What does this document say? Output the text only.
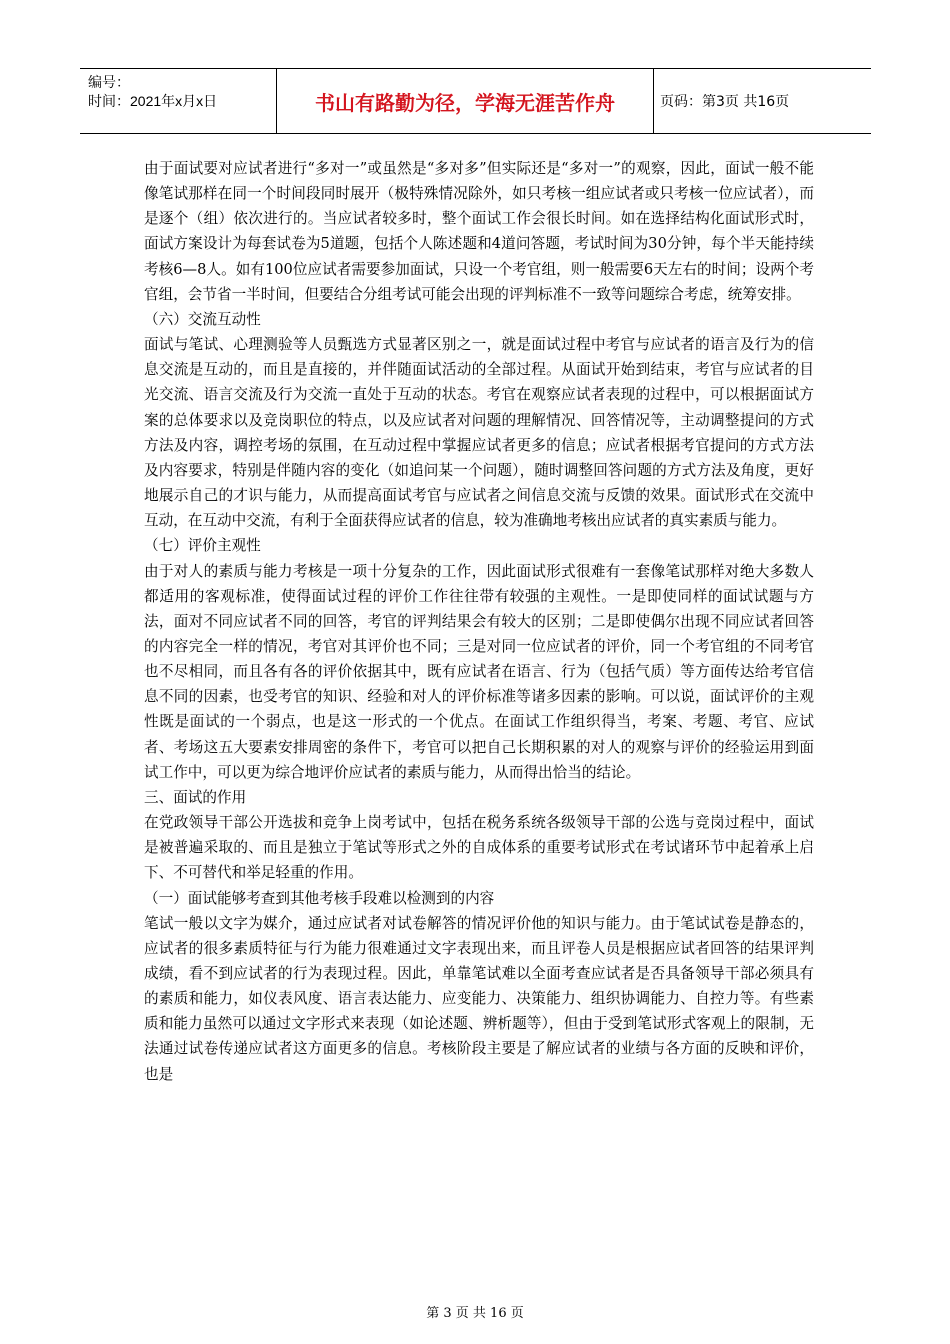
编号：
时间：2021年x月x日	书山有路勤为径，学海无涯苦作舟	页码：第3页 共16页

由于面试要对应试者进行“多对一”或虽然是“多对多”但实际还是“多对一”的观察，因此，面试一般不能像笔试那样在同一个时间段同时展开（极特殊情况除外，如只考核一组应试者或只考核一位应试者），而是逐个（组）依次进行的。当应试者较多时，整个面试工作会很长时间。如在选择结构化面试形式时，面试方案设计为每套试卷为5道题，包括个人陈述题和4道问答题，考试时间为30分钟，每个半天能持续考核6—8人。如有100位应试者需要参加面试，只设一个考官组，则一般需要6天左右的时间；设两个考官组，会节省一半时间，但要结合分组考试可能会出现的评判标准不一致等问题综合考虑，统筹安排。

（六）交流互动性

面试与笔试、心理测验等人员甄选方式显著区别之一，就是面试过程中考官与应试者的语言及行为的信息交流是互动的，而且是直接的，并伴随面试活动的全部过程。从面试开始到结束，考官与应试者的目光交流、语言交流及行为交流一直处于互动的状态。考官在观察应试者表现的过程中，可以根据面试方案的总体要求以及竞岗职位的特点，以及应试者对问题的理解情况、回答情况等，主动调整提问的方式方法及内容，调控考场的氛围，在互动过程中掌握应试者更多的信息；应试者根据考官提问的方式方法及内容要求，特别是伴随内容的变化（如追问某一个问题），随时调整回答问题的方式方法及角度，更好地展示自己的才识与能力，从而提高面试考官与应试者之间信息交流与反馈的效果。面试形式在交流中互动，在互动中交流，有利于全面获得应试者的信息，较为准确地考核出应试者的真实素质与能力。

（七）评价主观性

由于对人的素质与能力考核是一项十分复杂的工作，因此面试形式很难有一套像笔试那样对绝大多数人都适用的客观标准，使得面试过程的评价工作往往带有较强的主观性。一是即使同样的面试试题与方法，面对不同应试者不同的回答，考官的评判结果会有较大的区别；二是即使偶尔出现不同应试者回答的内容完全一样的情况，考官对其评价也不同；三是对同一位应试者的评价，同一个考官组的不同考官也不尽相同，而且各有各的评价依据其中，既有应试者在语言、行为（包括气质）等方面传达给考官信息不同的因素，也受考官的知识、经验和对人的评价标准等诸多因素的影响。可以说，面试评价的主观性既是面试的一个弱点，也是这一形式的一个优点。在面试工作组织得当，考案、考题、考官、应试者、考场这五大要素安排周密的条件下，考官可以把自己长期积累的对人的观察与评价的经验运用到面试工作中，可以更为综合地评价应试者的素质与能力，从而得出恰当的结论。

三、面试的作用

在党政领导干部公开选拔和竞争上岗考试中，包括在税务系统各级领导干部的公选与竞岗过程中，面试是被普遍采取的、而且是独立于笔试等形式之外的自成体系的重要考试形式在考试诸环节中起着承上启下、不可替代和举足轻重的作用。

（一）面试能够考查到其他考核手段难以检测到的内容

笔试一般以文字为媒介，通过应试者对试卷解答的情况评价他的知识与能力。由于笔试试卷是静态的，应试者的很多素质特征与行为能力很难通过文字表现出来，而且评卷人员是根据应试者回答的结果评判成绩，看不到应试者的行为表现过程。因此，单靠笔试难以全面考查应试者是否具备领导干部必须具有的素质和能力，如仪表风度、语言表达能力、应变能力、决策能力、组织协调能力、自控力等。有些素质和能力虽然可以通过文字形式来表现（如论述题、辨析题等），但由于受到笔试形式客观上的限制，无法通过试卷传递应试者这方面更多的信息。考核阶段主要是了解应试者的业绩与各方面的反映和评价，也是

第 3 页 共 16 页
